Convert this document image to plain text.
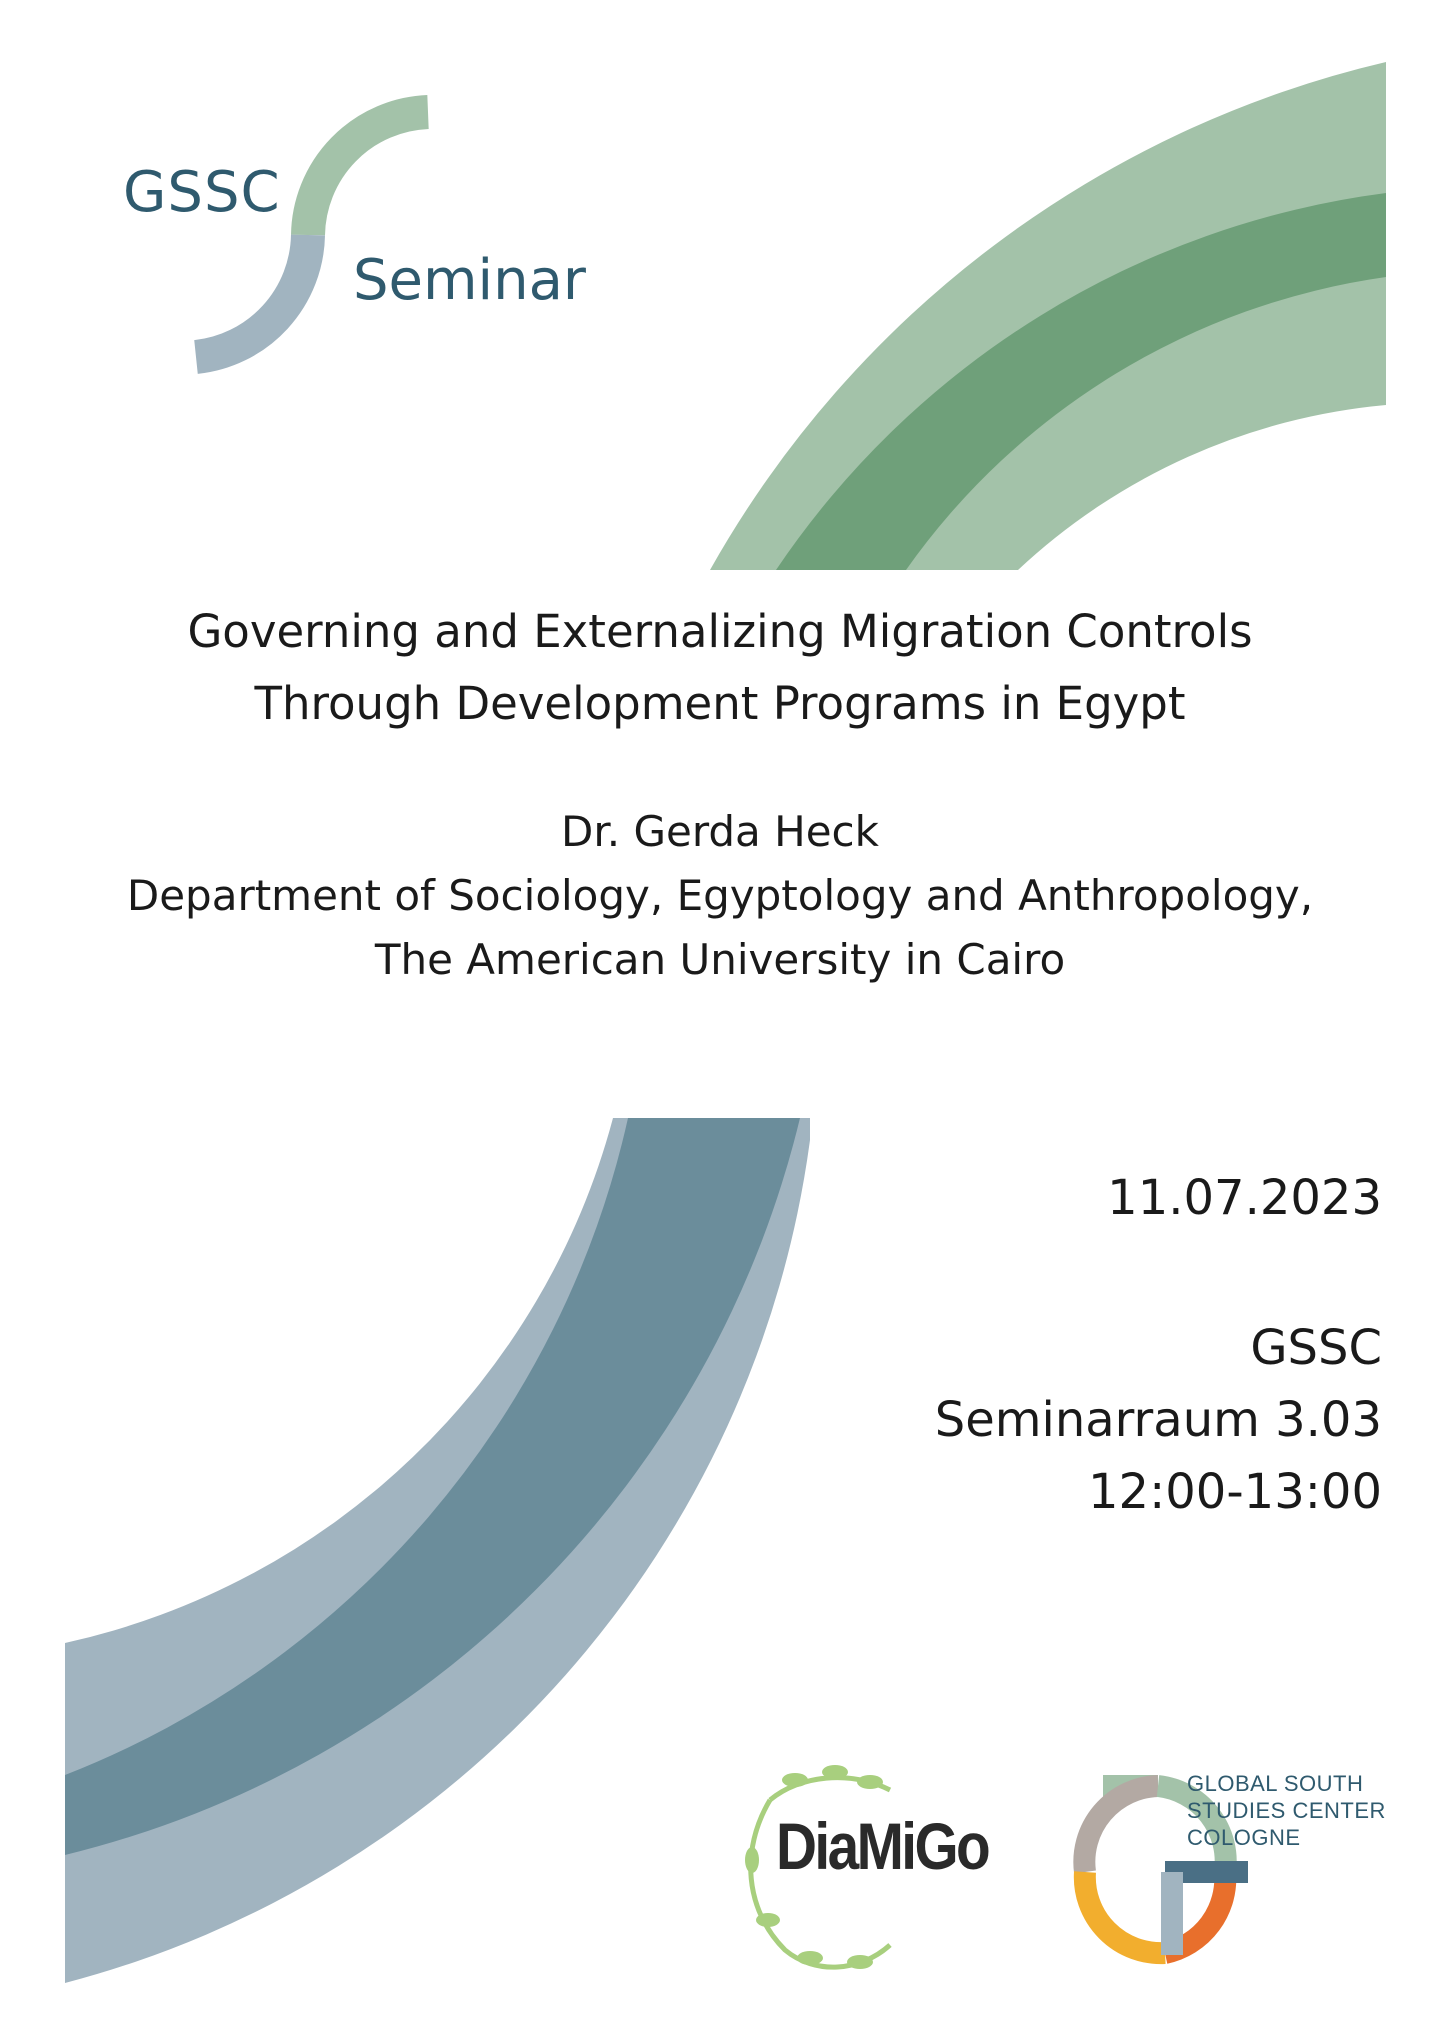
GSSC
Seminar
Governing and Externalizing Migration Controls
Through Development Programs in Egypt
Dr. Gerda Heck
Department of Sociology, Egyptology and Anthropology,
The American University in Cairo
11.07.2023
GSSC
Seminarraum 3.03
12:00-13:00
DiaMiGo
GLOBAL SOUTH
STUDIES CENTER
COLOGNE
